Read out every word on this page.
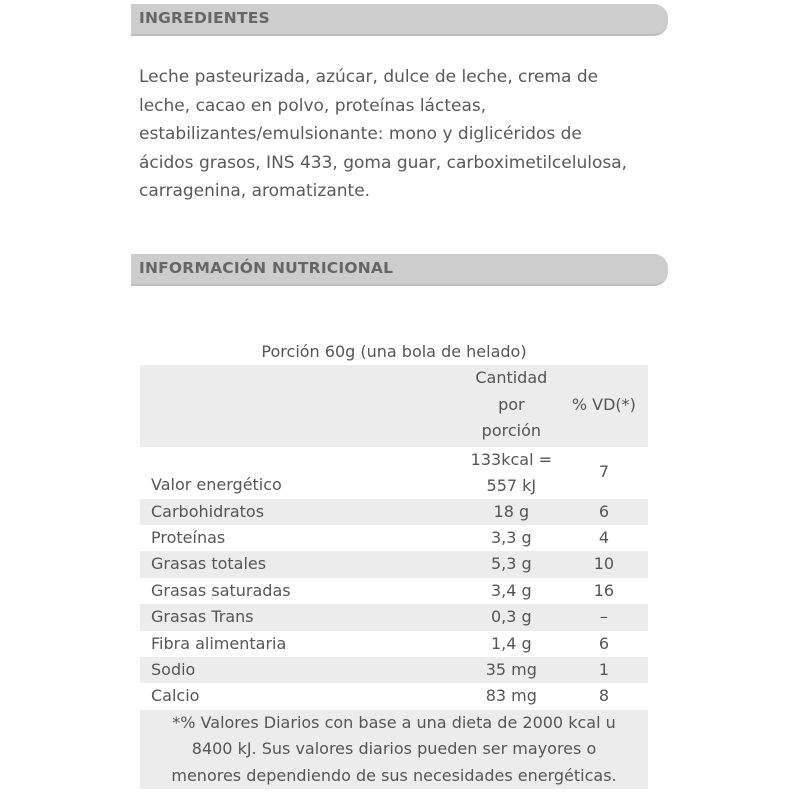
INGREDIENTES

Leche pasteurizada, azúcar, dulce de leche, crema de
leche, cacao en polvo, proteínas lácteas,
estabilizantes/emulsionante: mono y diglicéridos de
ácidos grasos, INS 433, goma guar, carboximetilcelulosa,
carragenina, aromatizante.

INFORMACIÓN NUTRICIONAL
Porción 60g (una bola de helado)

	Cantidad
por
porción	% VD(*)
Valor energético	133kcal =
557 kJ	7
Carbohidratos	18 g	6
Proteínas	3,3 g	4
Grasas totales	5,3 g	10
Grasas saturadas	3,4 g	16
Grasas Trans	0,3 g	–
Fibra alimentaria	1,4 g	6
Sodio	35 mg	1
Calcio	83 mg	8

*% Valores Diarios con base a una dieta de 2000 kcal u
8400 kJ. Sus valores diarios pueden ser mayores o
menores dependiendo de sus necesidades energéticas.		
